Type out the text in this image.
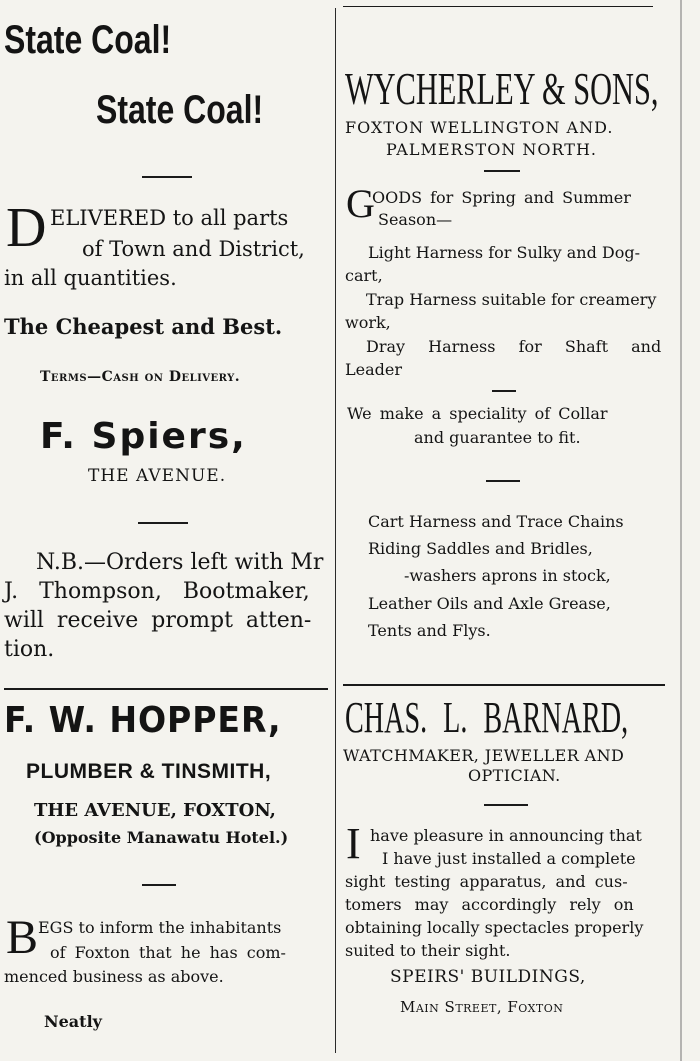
State Coal!

State Coal!

D ELIVERED to all parts

of Town and District,

in all quantities.

The Cheapest and Best.

Terms—Cash on Delivery.

F. Spiers,

THE AVENUE.

N.B.—Orders left with Mr

J. Thompson, Bootmaker,

will receive prompt atten-

tion.

F. W. HOPPER,

PLUMBER & TINSMITH,

THE AVENUE, FOXTON,

(Opposite Manawatu Hotel.)

B EGS to inform the inhabitants

of Foxton that he has com-

menced business as above.

Neatly

WYCHERLEY & SONS,

FOXTON WELLINGTON AND.

PALMERSTON NORTH.

G

OODS for Spring and Summer

Season—

Light Harness for Sulky and Dog-

cart,

Trap Harness suitable for creamery

work,

Dray Harness for Shaft and

Leader

We make a speciality of Collar

and guarantee to fit.

Cart Harness and Trace Chains

Riding Saddles and Bridles,

-washers aprons in stock,

Leather Oils and Axle Grease,

Tents and Flys.

CHAS. L. BARNARD,

WATCHMAKER, JEWELLER AND

OPTICIAN.

I have pleasure in announcing that

I have just installed a complete

sight testing apparatus, and cus-

tomers may accordingly rely on

obtaining locally spectacles properly

suited to their sight.

SPEIRS' BUILDINGS,

Main Street, Foxton
